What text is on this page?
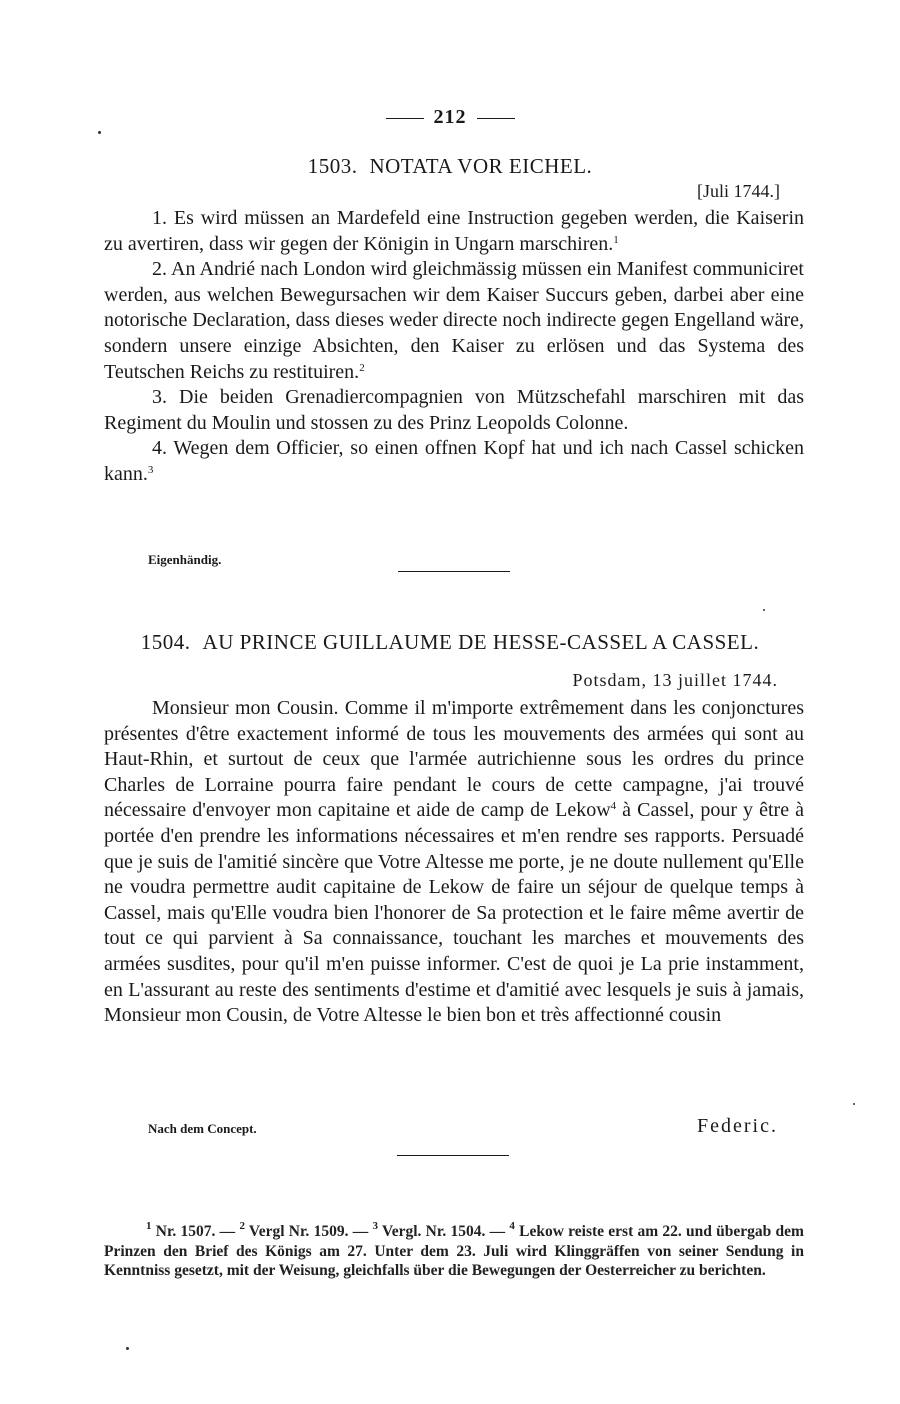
212
1503. NOTATA VOR EICHEL.
[Juli 1744.]

1. Es wird müssen an Mardefeld eine Instruction gegeben werden, die Kaiserin zu avertiren, dass wir gegen der Königin in Ungarn marschiren.$^1$

2. An Andrié nach London wird gleichmässig müssen ein Manifest communiciret werden, aus welchen Bewegursachen wir dem Kaiser Succurs geben, darbei aber eine notorische Declaration, dass dieses weder directe noch indirecte gegen Engelland wäre, sondern unsere einzige Absichten, den Kaiser zu erlösen und das Systema des Teutschen Reichs zu restituiren.$^2$

3. Die beiden Grenadiercompagnien von Mützschefahl marschiren mit das Regiment du Moulin und stossen zu des Prinz Leopolds Colonne.

4. Wegen dem Officier, so einen offnen Kopf hat und ich nach Cassel schicken kann.$^3$

Eigenhändig.
1504. AU PRINCE GUILLAUME DE HESSE-CASSEL A CASSEL.
Potsdam, 13 juillet 1744.

Monsieur mon Cousin. Comme il m'importe extrêmement dans les conjonctures présentes d'être exactement informé de tous les mouvements des armées qui sont au Haut-Rhin, et surtout de ceux que l'armée autrichienne sous les ordres du prince Charles de Lorraine pourra faire pendant le cours de cette campagne, j'ai trouvé nécessaire d'envoyer mon capitaine et aide de camp de Lekow$^4$ à Cassel, pour y être à portée d'en prendre les informations nécessaires et m'en rendre ses rapports. Persuadé que je suis de l'amitié sincère que Votre Altesse me porte, je ne doute nullement qu'Elle ne voudra permettre audit capitaine de Lekow de faire un séjour de quelque temps à Cassel, mais qu'Elle voudra bien l'honorer de Sa protection et le faire même avertir de tout ce qui parvient à Sa connaissance, touchant les marches et mouvements des armées susdites, pour qu'il m'en puisse informer. C'est de quoi je La prie instamment, en L'assurant au reste des sentiments d'estime et d'amitié avec lesquels je suis à jamais, Monsieur mon Cousin, de Votre Altesse le bien bon et très affectionné cousin

Nach dem Concept.	Federic.

$^1$ Nr. 1507. — $^2$ Vergl Nr. 1509. — $^3$ Vergl. Nr. 1504. — $^4$ Lekow reiste erst am 22. und übergab dem Prinzen den Brief des Königs am 27. Unter dem 23. Juli wird Klinggräffen von seiner Sendung in Kenntniss gesetzt, mit der Weisung, gleichfalls über die Bewegungen der Oesterreicher zu berichten.
